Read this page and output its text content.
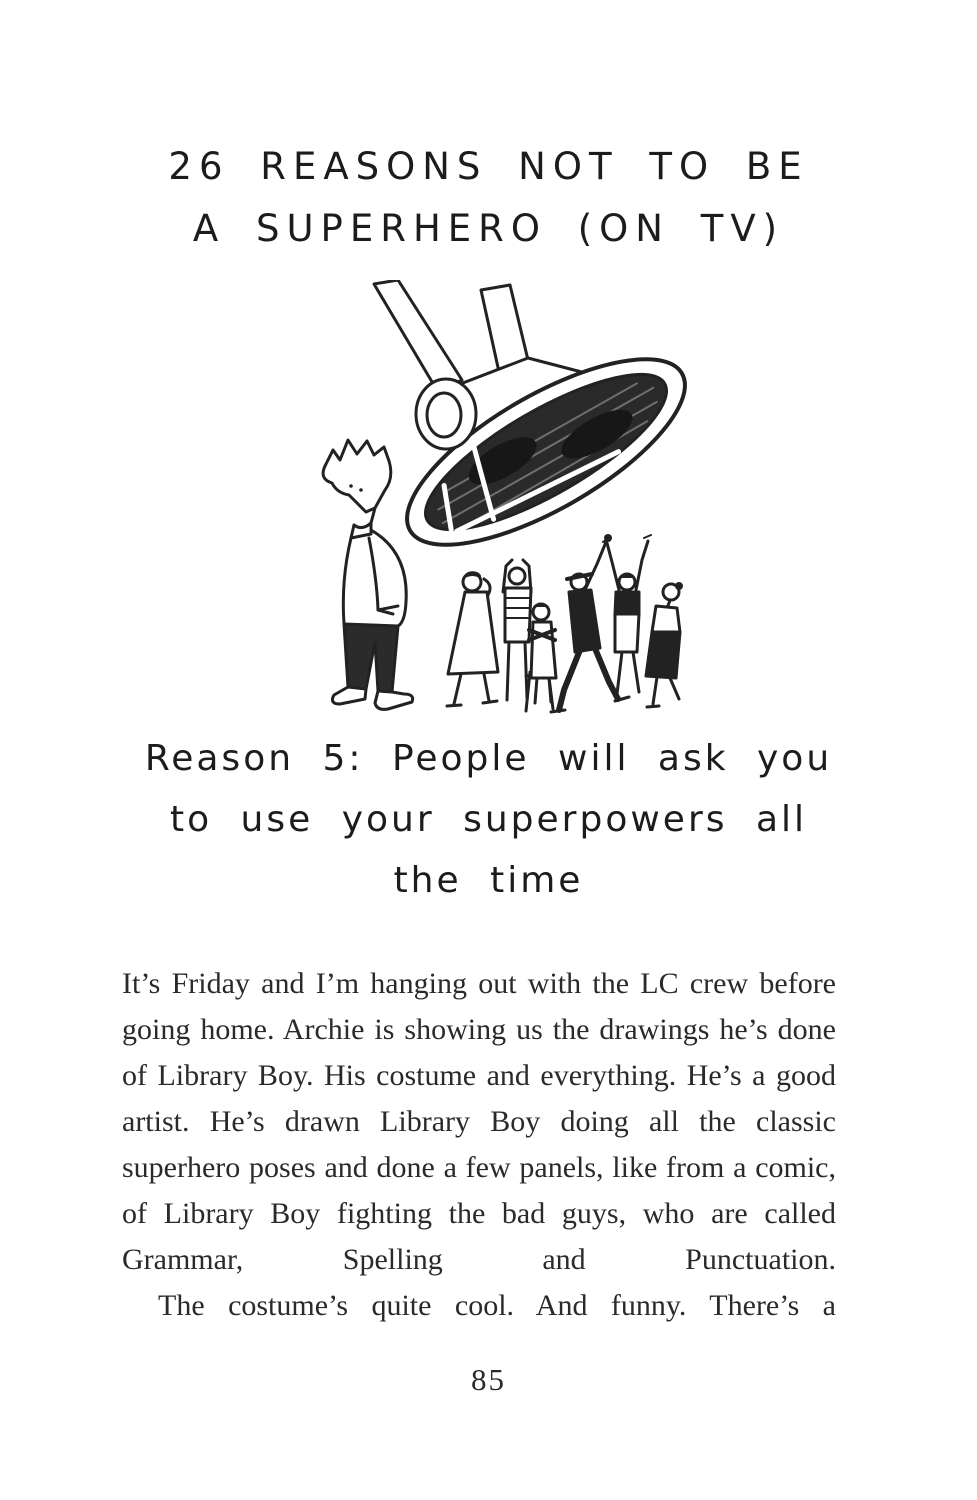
26 REASONS NOT TO BE
A SUPERHERO (ON TV)
Reason 5: People will ask you
to use your superpowers all
the time

It’s Friday and I’m hanging out with the LC crew before going home. Archie is showing us the drawings he’s done of Library Boy. His costume and everything. He’s a good artist. He’s drawn Library Boy doing all the classic superhero poses and done a few panels, like from a comic, of Library Boy fighting the bad guys, who are called Grammar, Spelling and Punctuation.

The costume’s quite cool. And funny. There’s a

85
